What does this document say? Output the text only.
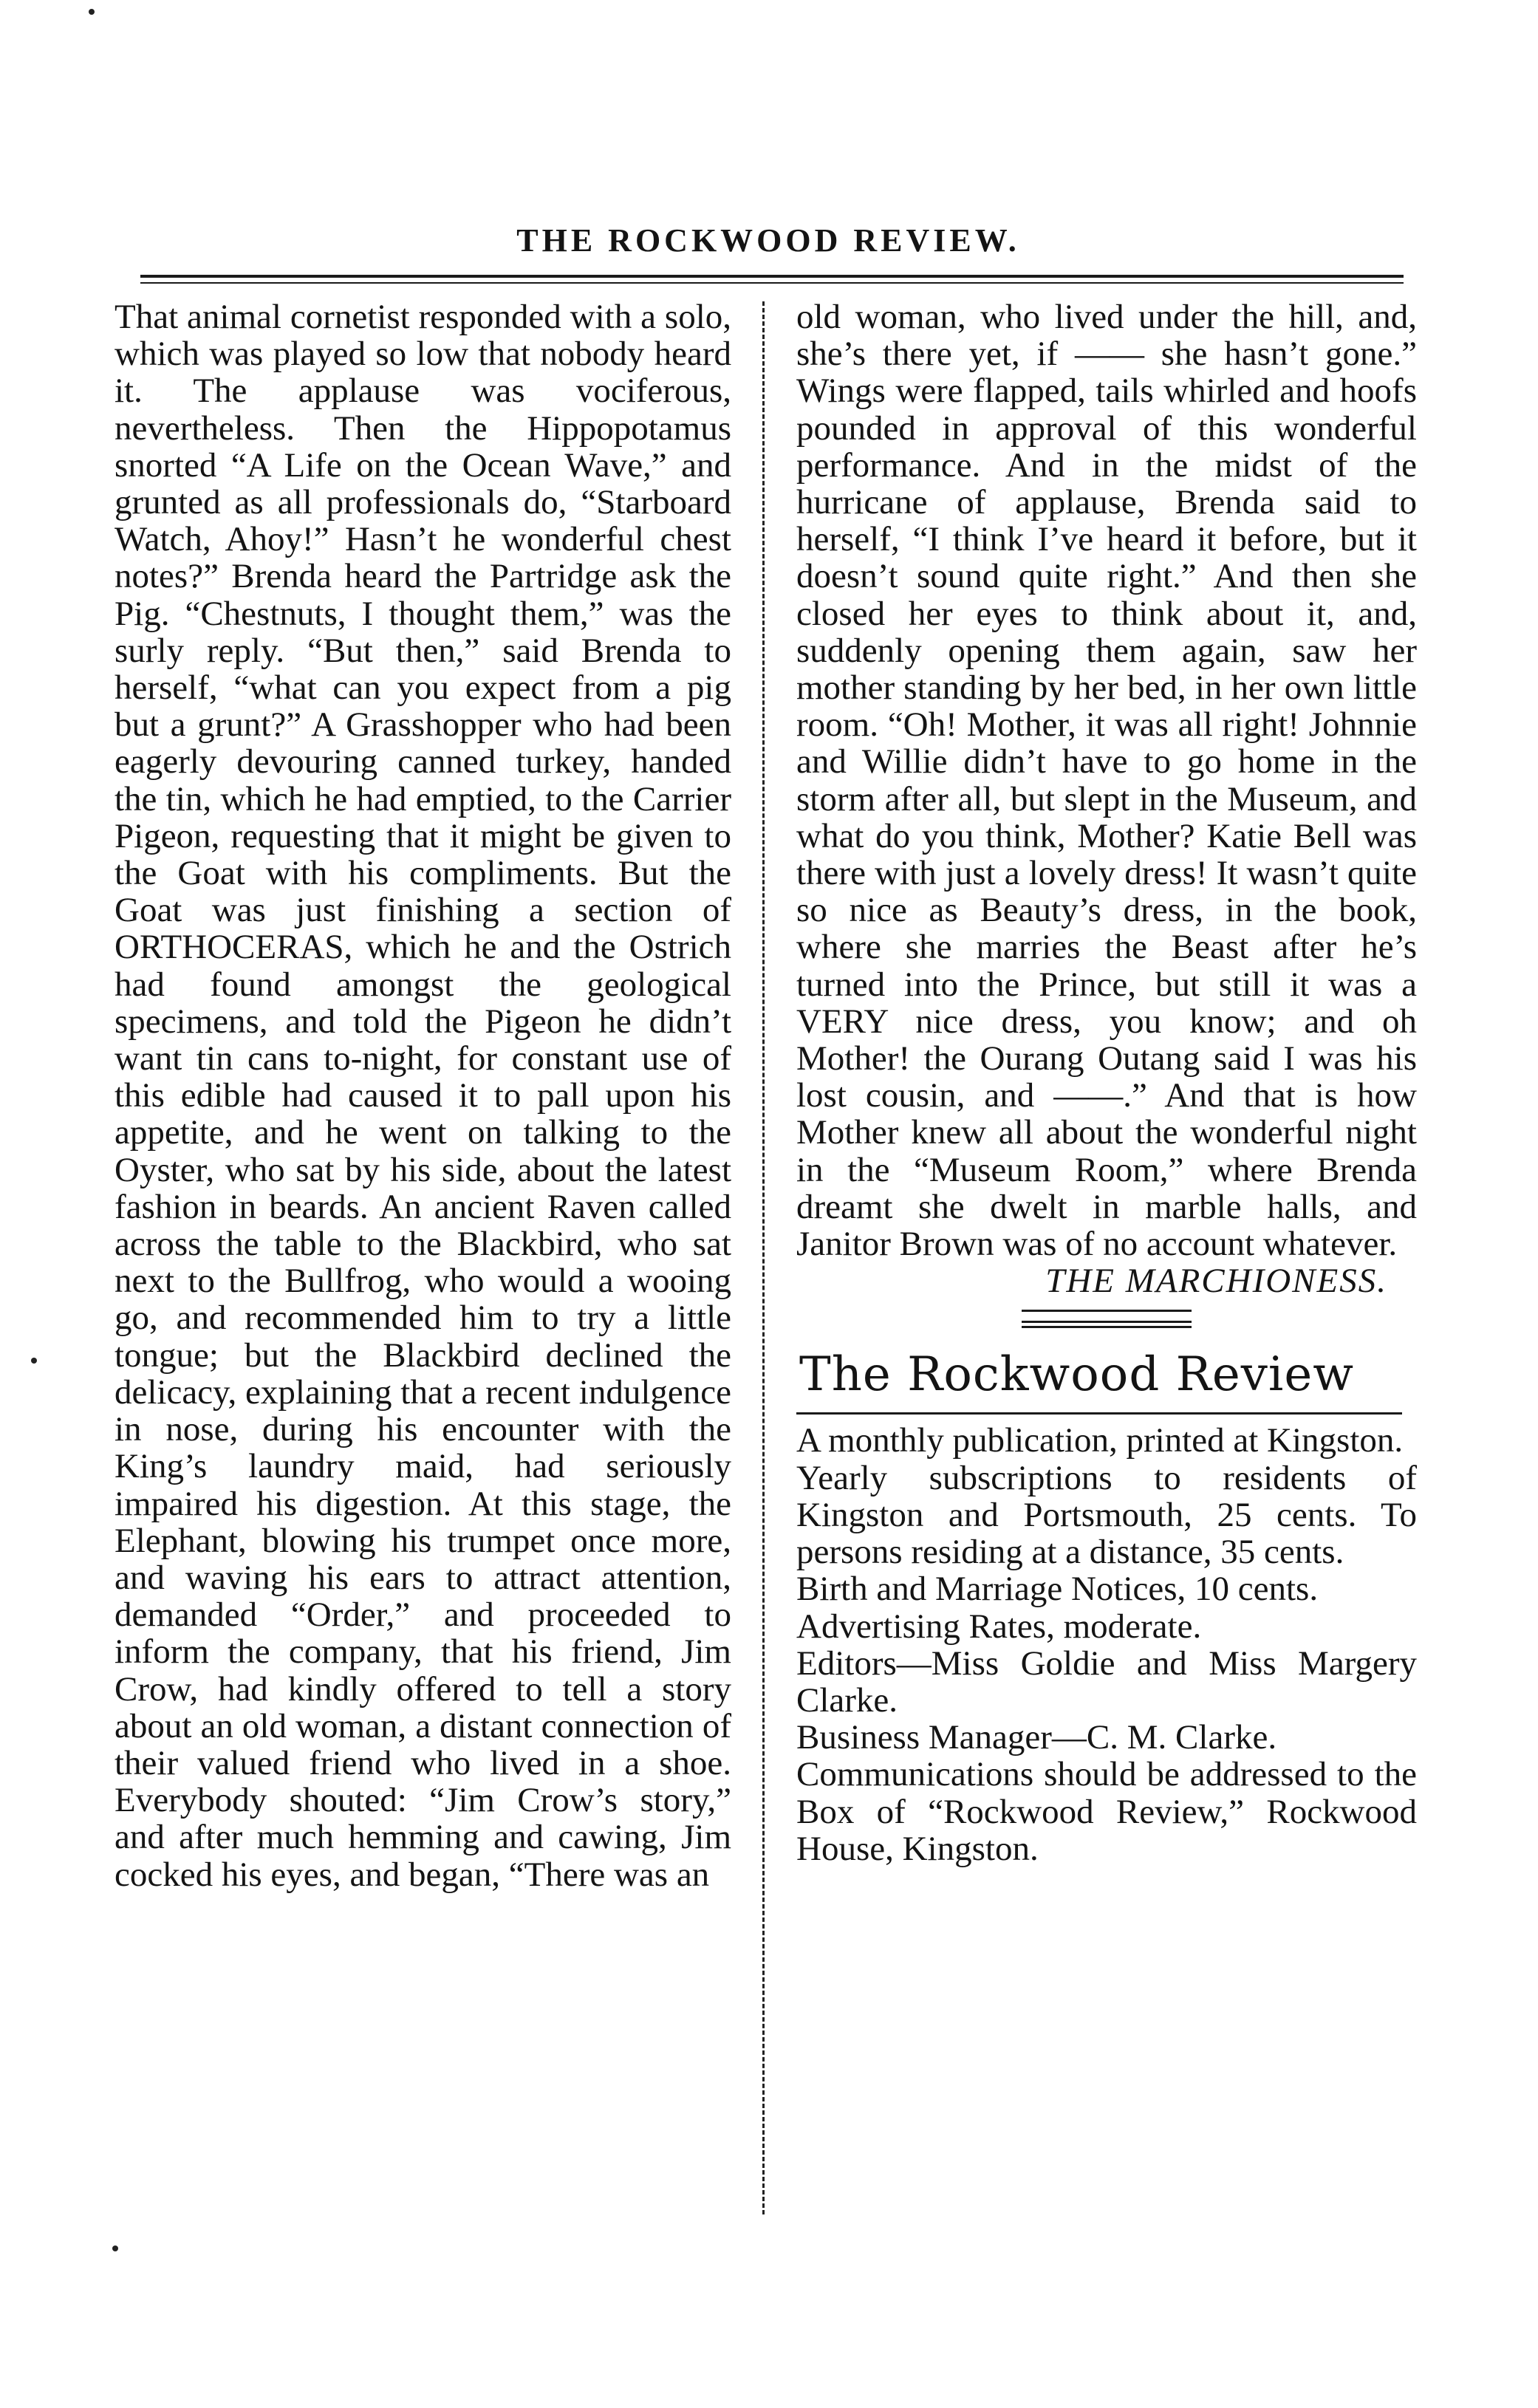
THE ROCKWOOD REVIEW.

That animal cornetist responded with a solo, which was played so low that nobody heard it. The applause was vociferous, nevertheless. Then the Hippopotamus snorted “A Life on the Ocean Wave,” and grunted as all professionals do, “Starboard Watch, Ahoy!” Hasn’t he wonderful chest notes?” Brenda heard the Partridge ask the Pig. “Chestnuts, I thought them,” was the surly reply. “But then,” said Brenda to herself, “what can you expect from a pig but a grunt?” A Grasshopper who had been eagerly devouring canned turkey, handed the tin, which he had emptied, to the Carrier Pigeon, requesting that it might be given to the Goat with his compliments. But the Goat was just finishing a section of ORTHOCERAS, which he and the Ostrich had found amongst the geological specimens, and told the Pigeon he didn’t want tin cans to-night, for constant use of this edible had caused it to pall upon his appetite, and he went on talking to the Oyster, who sat by his side, about the latest fashion in beards. An ancient Raven called across the table to the Blackbird, who sat next to the Bullfrog, who would a wooing go, and recommended him to try a little tongue; but the Blackbird declined the delicacy, explaining that a recent indulgence in nose, during his encounter with the King’s laundry maid, had seriously impaired his digestion. At this stage, the Elephant, blowing his trumpet once more, and waving his ears to attract attention, demanded “Order,” and proceeded to inform the company, that his friend, Jim Crow, had kindly offered to tell a story about an old woman, a distant connection of their valued friend who lived in a shoe. Everybody shouted: “Jim Crow’s story,” and after much hemming and cawing, Jim cocked his eyes, and began, “There was an

old woman, who lived under the hill, and, she’s there yet, if —— she hasn’t gone.” Wings were flapped, tails whirled and hoofs pounded in approval of this wonderful performance. And in the midst of the hurricane of applause, Brenda said to herself, “I think I’ve heard it before, but it doesn’t sound quite right.” And then she closed her eyes to think about it, and, suddenly opening them again, saw her mother standing by her bed, in her own little room. “Oh! Mother, it was all right! Johnnie and Willie didn’t have to go home in the storm after all, but slept in the Museum, and what do you think, Mother? Katie Bell was there with just a lovely dress! It wasn’t quite so nice as Beauty’s dress, in the book, where she marries the Beast after he’s turned into the Prince, but still it was a VERY nice dress, you know; and oh Mother! the Ourang Outang said I was his lost cousin, and ——.” And that is how Mother knew all about the wonderful night in the “Museum Room,” where Brenda dreamt she dwelt in marble halls, and Janitor Brown was of no account whatever.

THE MARCHIONESS.

The Rockwood Review

A monthly publication, printed at Kingston.

Yearly subscriptions to residents of Kingston and Portsmouth, 25 cents. To persons residing at a distance, 35 cents.

Birth and Marriage Notices, 10 cents.

Advertising Rates, moderate.

Editors—Miss Goldie and Miss Margery Clarke.

Business Manager—C. M. Clarke.

Communications should be addressed to the Box of “Rockwood Review,” Rockwood House, Kingston.
